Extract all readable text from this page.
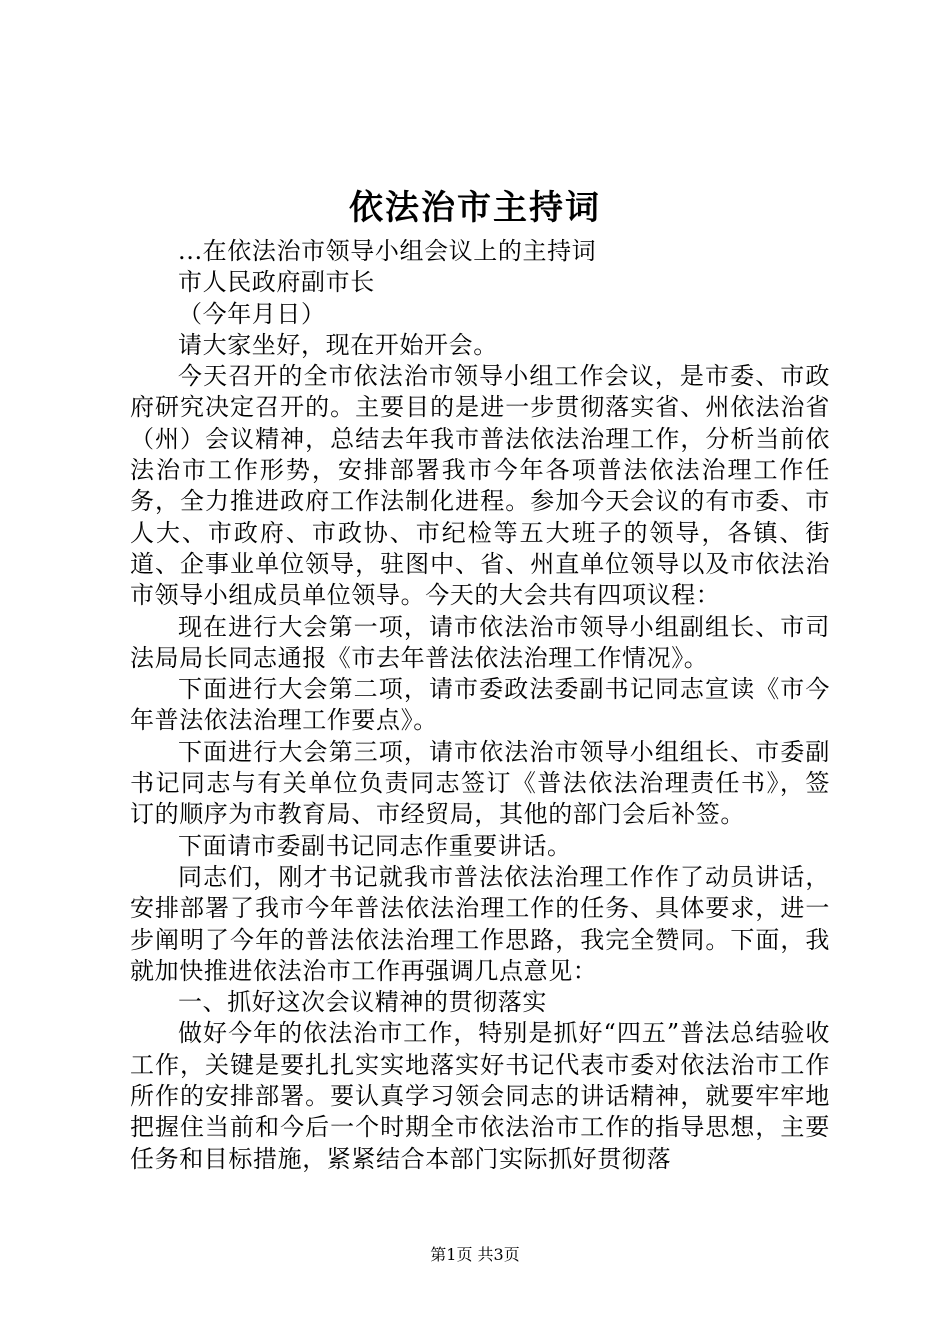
依法治市主持词

...在依法治市领导小组会议上的主持词

市人民政府副市长

（今年月日）

请大家坐好，现在开始开会。

今天召开的全市依法治市领导小组工作会议，是市委、市政府研究决定召开的。主要目的是进一步贯彻落实省、州依法治省（州）会议精神，总结去年我市普法依法治理工作，分析当前依法治市工作形势，安排部署我市今年各项普法依法治理工作任务，全力推进政府工作法制化进程。参加今天会议的有市委、市人大、市政府、市政协、市纪检等五大班子的领导，各镇、街道、企事业单位领导，驻图中、省、州直单位领导以及市依法治市领导小组成员单位领导。今天的大会共有四项议程：

现在进行大会第一项，请市依法治市领导小组副组长、市司法局局长同志通报《市去年普法依法治理工作情况》。

下面进行大会第二项，请市委政法委副书记同志宣读《市今年普法依法治理工作要点》。

下面进行大会第三项，请市依法治市领导小组组长、市委副书记同志与有关单位负责同志签订《普法依法治理责任书》，签订的顺序为市教育局、市经贸局，其他的部门会后补签。

下面请市委副书记同志作重要讲话。

同志们，刚才书记就我市普法依法治理工作作了动员讲话，安排部署了我市今年普法依法治理工作的任务、具体要求，进一步阐明了今年的普法依法治理工作思路，我完全赞同。下面，我就加快推进依法治市工作再强调几点意见：

一、抓好这次会议精神的贯彻落实

做好今年的依法治市工作，特别是抓好“四五”普法总结验收工作，关键是要扎扎实实地落实好书记代表市委对依法治市工作所作的安排部署。要认真学习领会同志的讲话精神，就要牢牢地把握住当前和今后一个时期全市依法治市工作的指导思想，主要任务和目标措施，紧紧结合本部门实际抓好贯彻落

第1页 共3页
